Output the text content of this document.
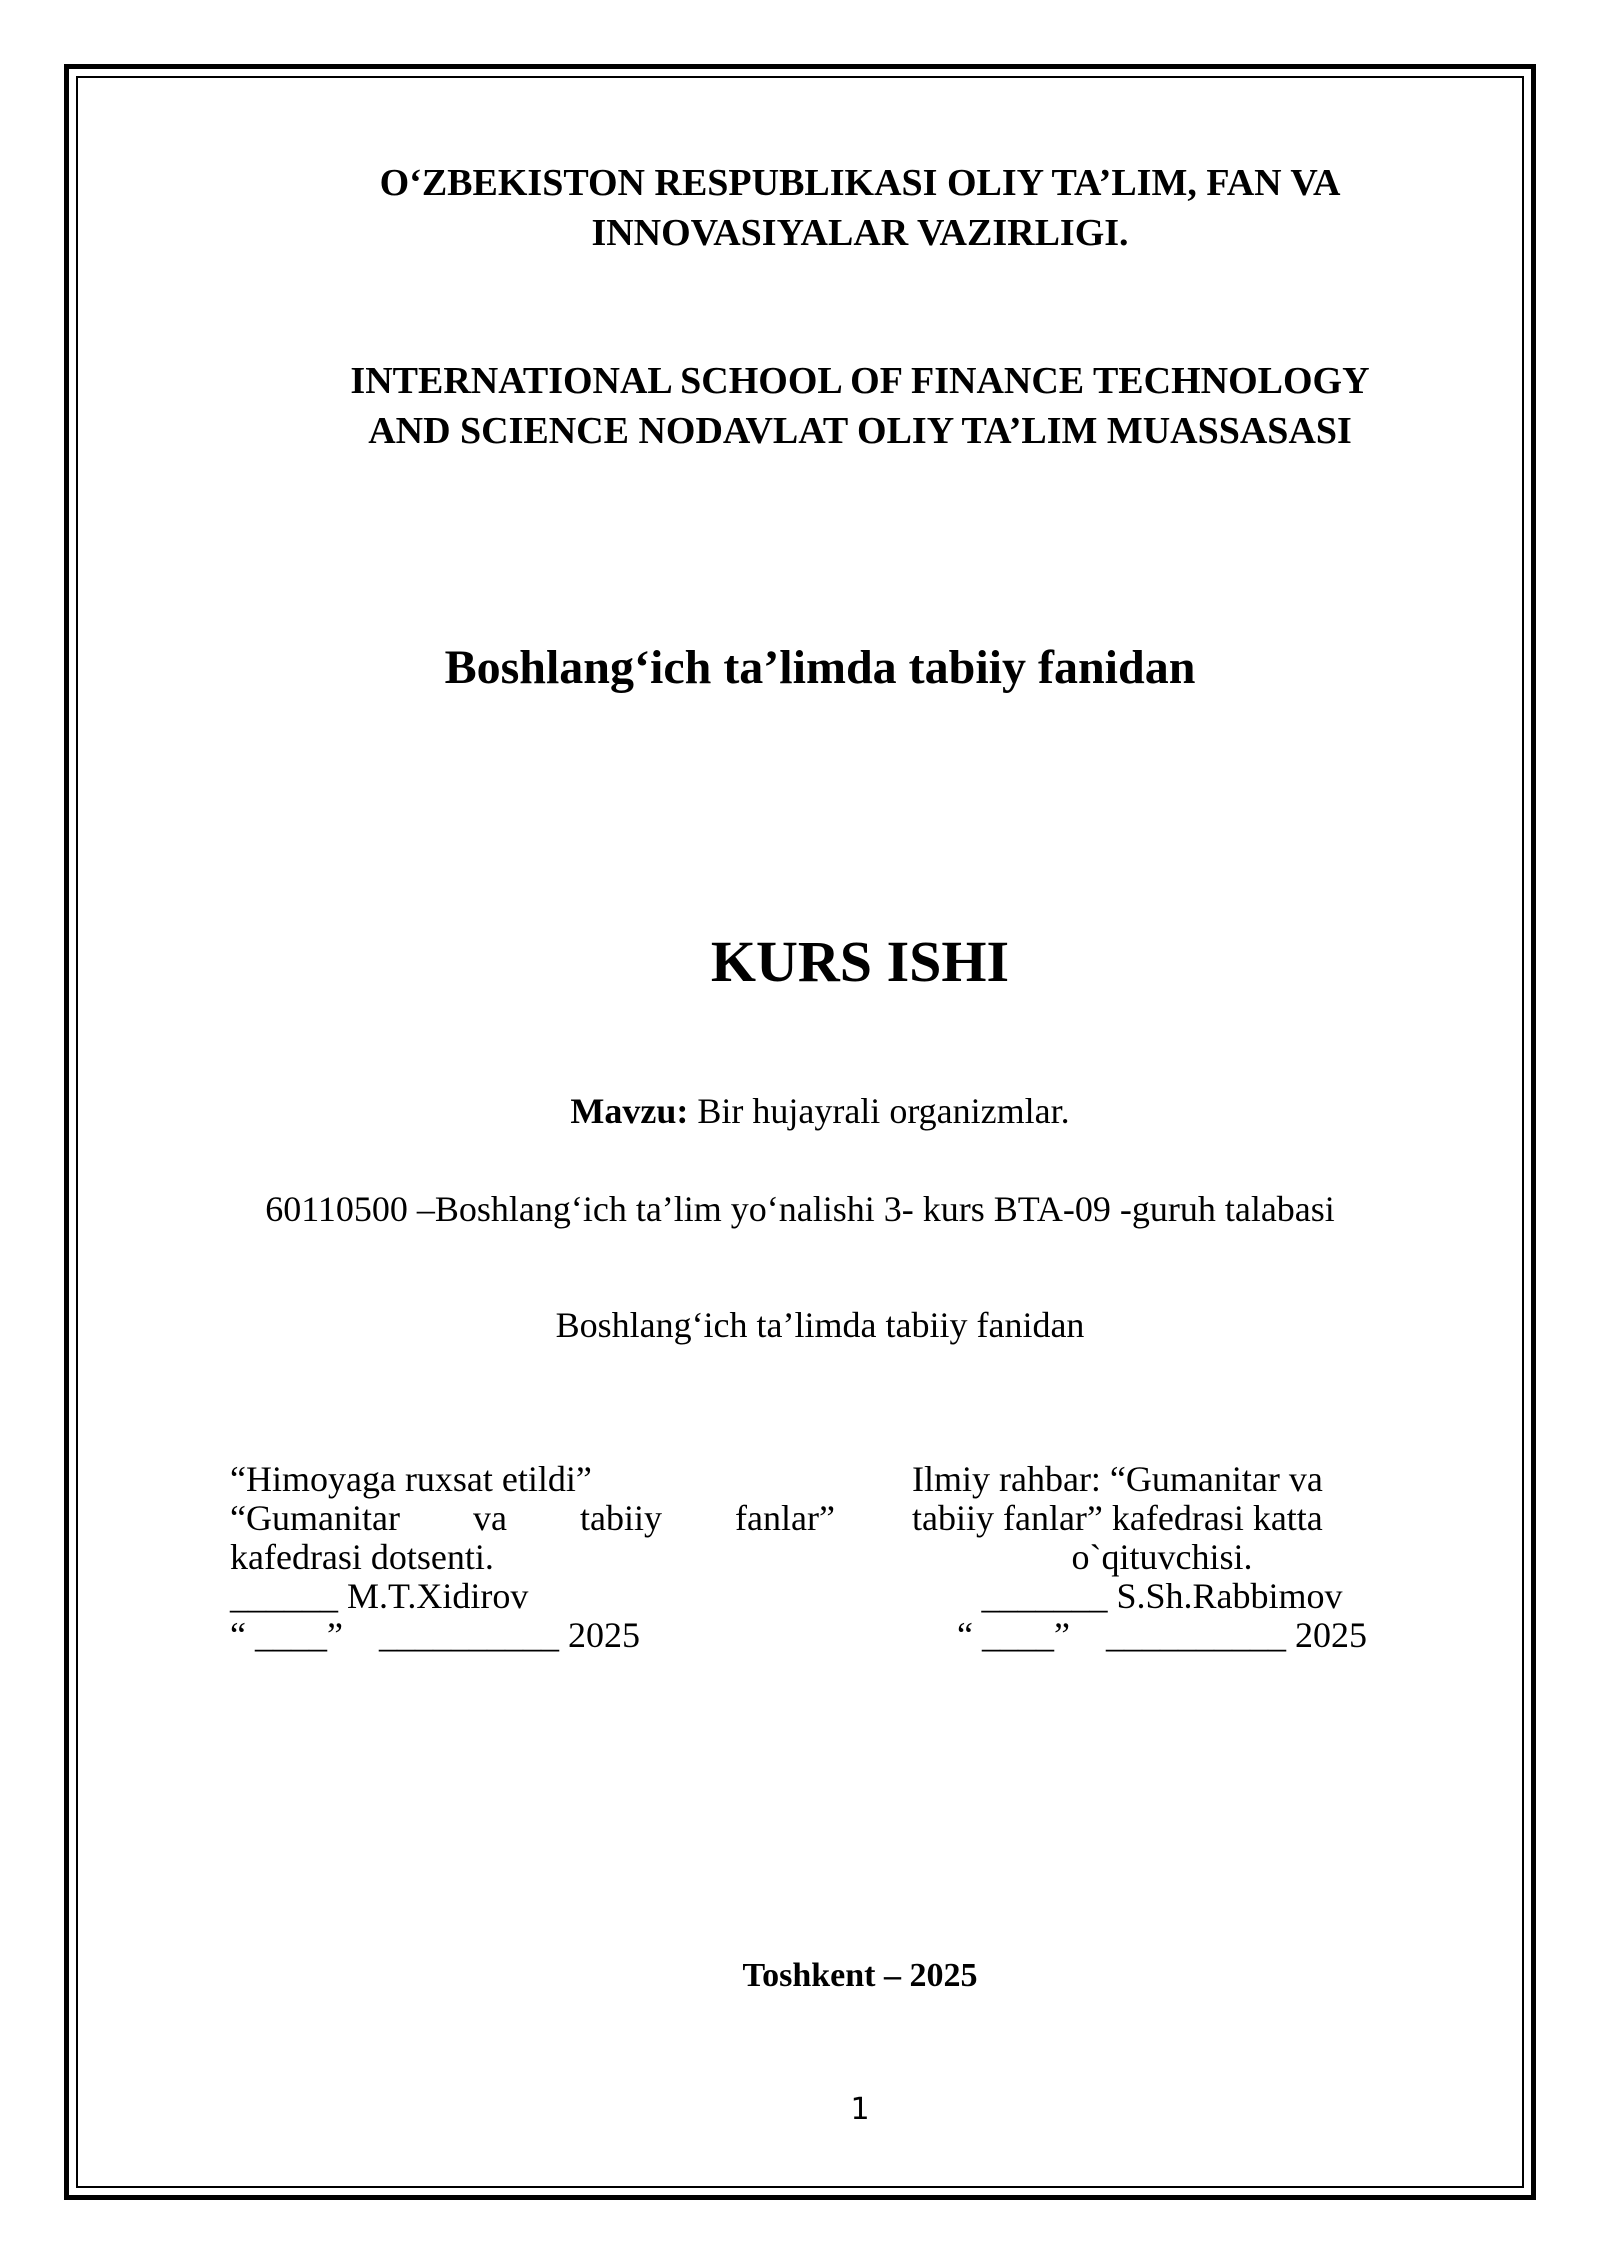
O‘ZBEKISTON RESPUBLIKASI OLIY TA’LIM, FAN VA
INNOVASIYALAR VAZIRLIGI.
INTERNATIONAL SCHOOL OF FINANCE TECHNOLOGY
AND SCIENCE NODAVLAT OLIY TA’LIM MUASSASASI
Boshlang‘ich ta’limda tabiiy fanidan
KURS ISHI
Mavzu: Bir hujayrali organizmlar.
60110500 –Boshlang‘ich ta’lim yo‘nalishi 3- kurs BTA-09 -guruh talabasi
Boshlang‘ich ta’limda tabiiy fanidan
“Himoyaga ruxsat etildi”
“Gumanitar va tabiiy fanlar”
kafedrasi dotsenti.
______ M.T.Xidirov
“ ____”    __________ 2025
Ilmiy rahbar: “Gumanitar va
tabiiy fanlar” kafedrasi katta
o`qituvchisi.
_______ S.Sh.Rabbimov
“ ____”    __________ 2025
Toshkent – 2025
1
